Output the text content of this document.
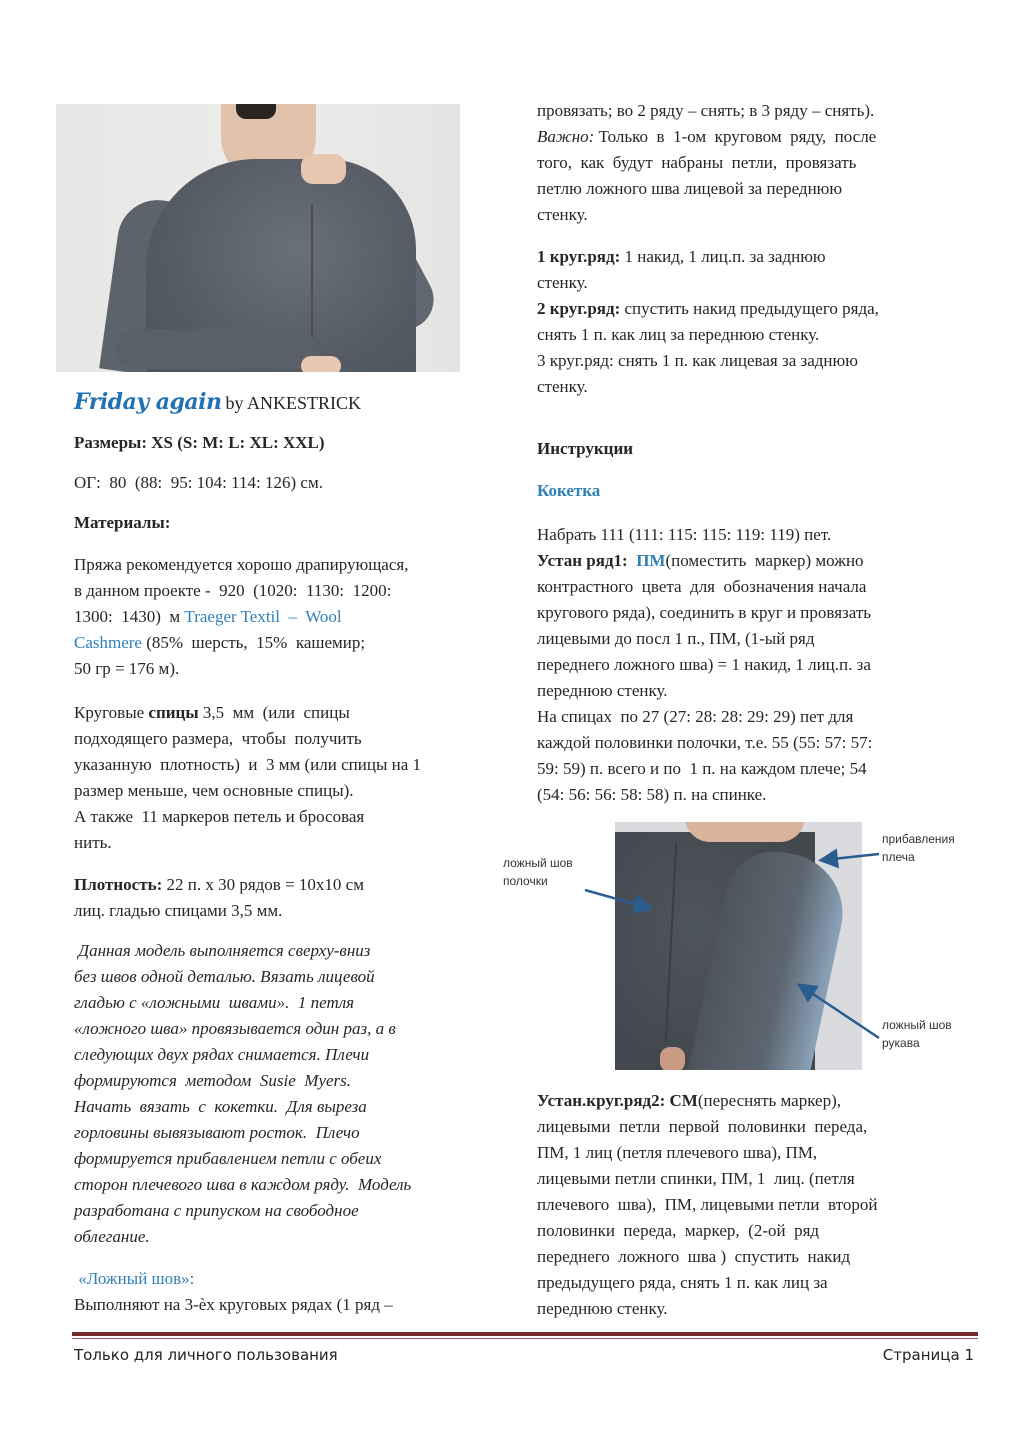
Friday again by ANKESTRICK
Размеры: XS (S: M: L: XL: XXL)
ОГ:  80  (88:  95: 104: 114: 126) см.
Материалы:
Пряжа рекомендуется хорошо драпирующася,
в данном проекте -  920  (1020:  1130:  1200:
1300:  1430)  м Traeger Textil  –  Wool
Cashmere (85%  шерсть,  15%  кашемир;
50 гр = 176 м).
Круговые спицы 3,5  мм  (или  спицы
подходящего размера,  чтобы  получить
указанную  плотность)  и  3 мм (или спицы на 1
размер меньше, чем основные спицы).
А также  11 маркеров петель и бросовая
нить.
Плотность: 22 п. х 30 рядов = 10х10 см
лиц. гладью спицами 3,5 мм.
Данная модель выполняется сверху-вниз
без швов одной деталью. Вязать лицевой
гладью с «ложными  швами».  1 петля
«ложного шва» провязывается один раз, а в
следующих двух рядах снимается. Плечи
формируются  методом  Susie  Myers.
Начать  вязать  с  кокетки.  Для выреза
горловины вывязывают росток.  Плечо
формируется прибавлением петли с обеих
сторон плечевого шва в каждом ряду.  Модель
разработана с припуском на свободное
облегание.
«Ложный шов»:
Выполняют на 3-ѐх круговых рядах (1 ряд –
провязать; во 2 ряду – снять; в 3 ряду – снять).
Важно: Только  в  1-ом  круговом  ряду,  после
того,  как  будут  набраны  петли,  провязать
петлю ложного шва лицевой за переднюю
стенку.
1 круг.ряд: 1 накид, 1 лиц.п. за заднюю
стенку.
2 круг.ряд: спустить накид предыдущего ряда,
снять 1 п. как лиц за переднюю стенку.
3 круг.ряд: снять 1 п. как лицевая за заднюю
стенку.
Инструкции
Кокетка
Набрать 111 (111: 115: 115: 119: 119) пет.
Устан ряд1: ПМ(поместить  маркер) можно
контрастного  цвета  для  обозначения начала
кругового ряда), соединить в круг и провязать
лицевыми до посл 1 п., ПМ, (1-ый ряд
переднего ложного шва) = 1 накид, 1 лиц.п. за
переднюю стенку.
На спицах  по 27 (27: 28: 28: 29: 29) пет для
каждой половинки полочки, т.е. 55 (55: 57: 57:
59: 59) п. всего и по  1 п. на каждом плече; 54
(54: 56: 56: 58: 58) п. на спинке.
ложный шов
полочки
прибавления
плеча
ложный шов
рукава
Устан.круг.ряд2: СМ(переснять маркер),
лицевыми  петли  первой  половинки  переда,
ПМ, 1 лиц (петля плечевого шва), ПМ,
лицевыми петли спинки, ПМ, 1  лиц. (петля
плечевого  шва),  ПМ, лицевыми петли  второй
половинки  переда,  маркер,  (2-ой  ряд
переднего  ложного  шва )  спустить  накид
предыдущего ряда, снять 1 п. как лиц за
переднюю стенку.
Только для личного пользования	Страница 1
